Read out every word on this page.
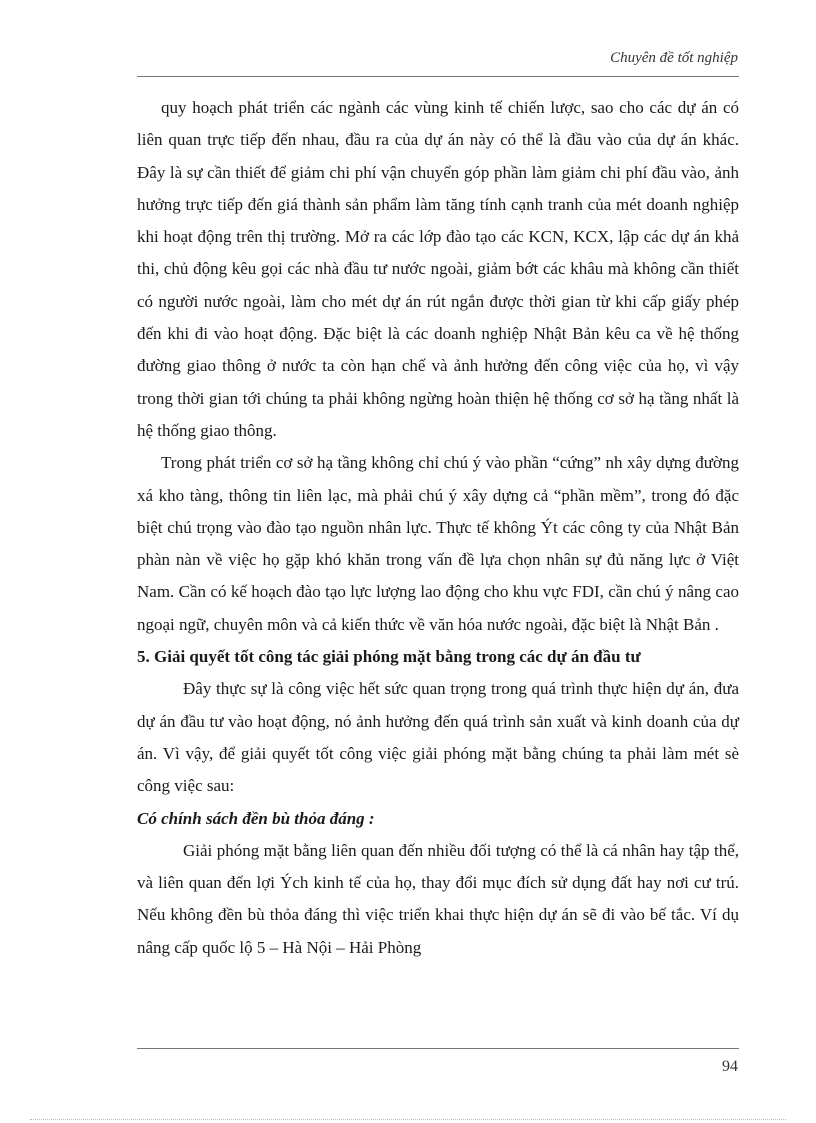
Chuyên đề tốt nghiệp

quy hoạch phát triển các ngành các vùng kinh tế chiến lược, sao cho các dự án có liên quan trực tiếp đến nhau, đầu ra của dự án này có thể là đầu vào của dự án khác. Đây là sự cần thiết để giảm chi phí vận chuyển góp phần làm giảm chi phí đầu vào, ảnh hưởng trực tiếp đến giá thành sản phẩm làm tăng tính cạnh tranh của mét doanh nghiệp khi hoạt động trên thị trường. Mở ra các lớp đào tạo các KCN, KCX, lập các dự án khả thi, chủ động kêu gọi các nhà đầu tư nước ngoài, giảm bớt các khâu mà không cần thiết có người nước ngoài, làm cho mét dự án rút ngắn được thời gian từ khi cấp giấy phép đến khi đi vào hoạt động. Đặc biệt là các doanh nghiệp Nhật Bản kêu ca về hệ thống đường giao thông ở nước ta còn hạn chế và ảnh hưởng đến công việc của họ, vì vậy trong thời gian tới chúng ta phải không ngừng hoàn thiện hệ thống cơ sở hạ tầng nhất là hệ thống giao thông.

Trong phát triển cơ sở hạ tầng không chỉ chú ý vào phần “cứng” nh xây dựng đường xá kho tàng, thông tin liên lạc, mà phải chú ý xây dựng cả “phần mềm”, trong đó đặc biệt chú trọng vào đào tạo nguồn nhân lực. Thực tế không Ýt các công ty của Nhật Bản phàn nàn về việc họ gặp khó khăn trong vấn đề lựa chọn nhân sự đủ năng lực ở Việt Nam. Cần có kế hoạch đào tạo lực lượng lao động cho khu vực FDI, cần chú ý nâng cao ngoại ngữ, chuyên môn và cả kiến thức về văn hóa nước ngoài, đặc biệt là Nhật Bản .

5. Giải quyết tốt công tác giải phóng mặt bằng trong các dự án đầu tư

Đây thực sự là công việc hết sức quan trọng trong quá trình thực hiện dự án, đưa dự án đầu tư vào hoạt động, nó ảnh hưởng đến quá trình sản xuất và kinh doanh của dự án. Vì vậy, để giải quyết tốt công việc giải phóng mặt bằng chúng ta phải làm mét sè công việc sau:

Có chính sách đền bù thỏa đáng :

Giải phóng mặt bằng liên quan đến nhiều đối tượng có thể là cá nhân hay tập thể, và liên quan đến lợi Ých kinh tế của họ, thay đổi mục đích sử dụng đất hay nơi cư trú. Nếu không đền bù thỏa đáng thì việc triển khai thực hiện dự án sẽ đi vào bế tắc. Ví dụ nâng cấp quốc lộ 5 – Hà Nội – Hải Phòng

94
